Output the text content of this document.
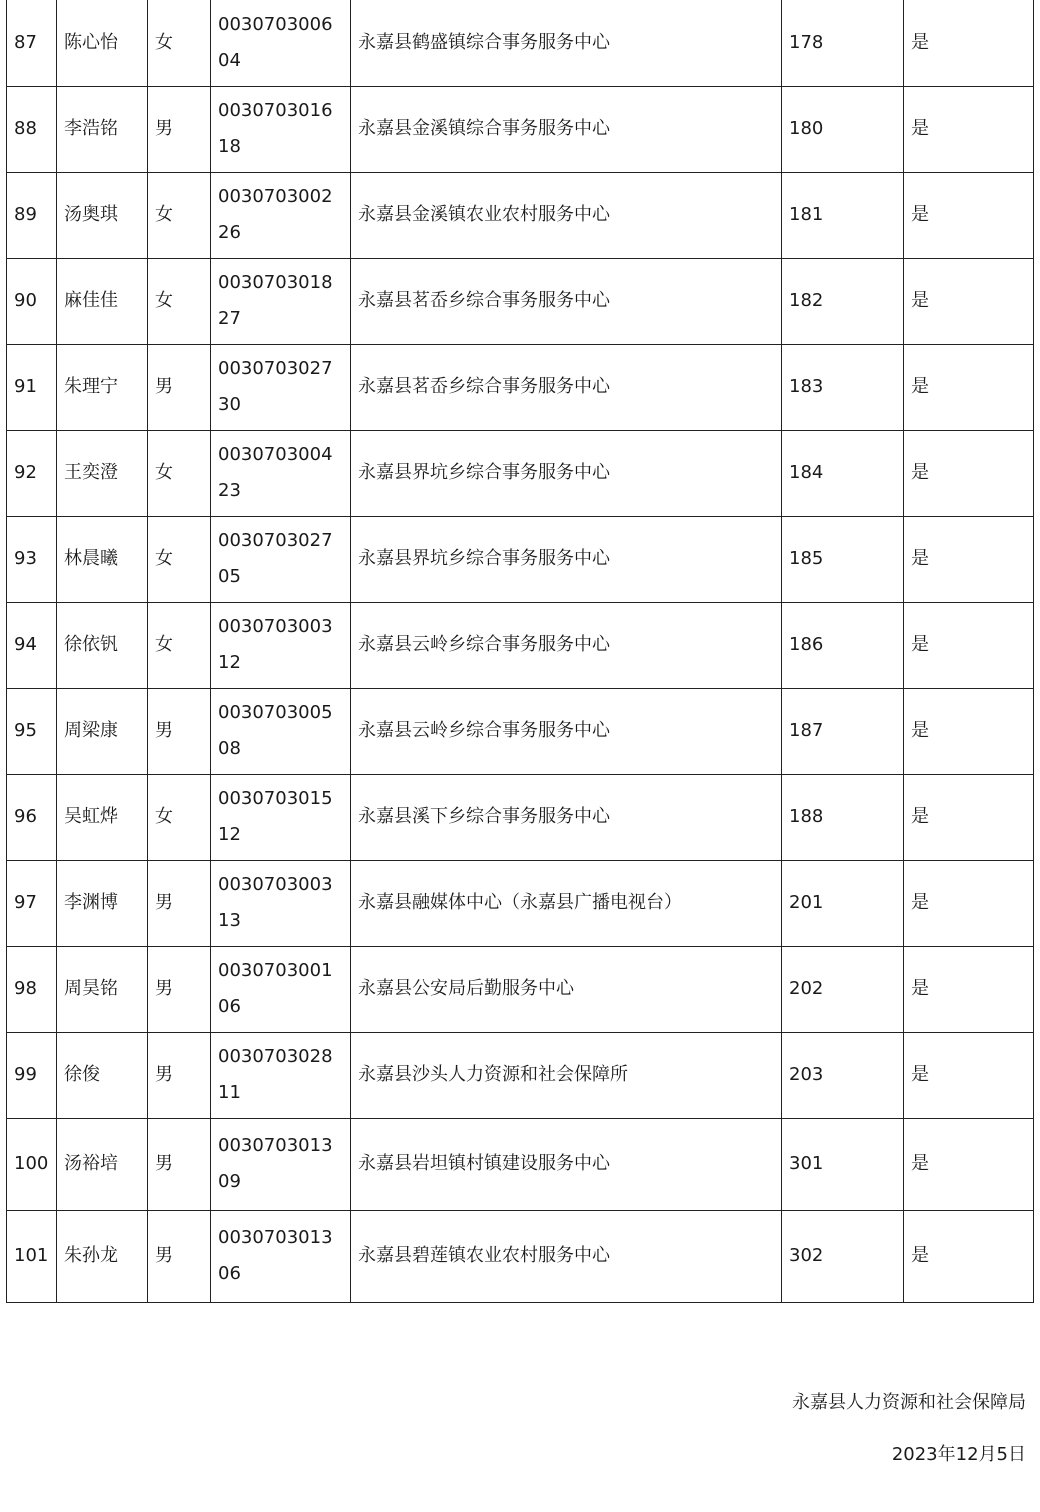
87	陈心怡	女	003070300604	永嘉县鹤盛镇综合事务服务中心	178	是
88	李浩铭	男	003070301618	永嘉县金溪镇综合事务服务中心	180	是
89	汤奥琪	女	003070300226	永嘉县金溪镇农业农村服务中心	181	是
90	麻佳佳	女	003070301827	永嘉县茗岙乡综合事务服务中心	182	是
91	朱理宁	男	003070302730	永嘉县茗岙乡综合事务服务中心	183	是
92	王奕澄	女	003070300423	永嘉县界坑乡综合事务服务中心	184	是
93	林晨曦	女	003070302705	永嘉县界坑乡综合事务服务中心	185	是
94	徐依钒	女	003070300312	永嘉县云岭乡综合事务服务中心	186	是
95	周梁康	男	003070300508	永嘉县云岭乡综合事务服务中心	187	是
96	吴虹烨	女	003070301512	永嘉县溪下乡综合事务服务中心	188	是
97	李渊博	男	003070300313	永嘉县融媒体中心（永嘉县广播电视台）	201	是
98	周昊铭	男	003070300106	永嘉县公安局后勤服务中心	202	是
99	徐俊	男	003070302811	永嘉县沙头人力资源和社会保障所	203	是
100	汤裕培	男	003070301309	永嘉县岩坦镇村镇建设服务中心	301	是
101	朱孙龙	男	003070301306	永嘉县碧莲镇农业农村服务中心	302	是
永嘉县人力资源和社会保障局
2023年12月5日
